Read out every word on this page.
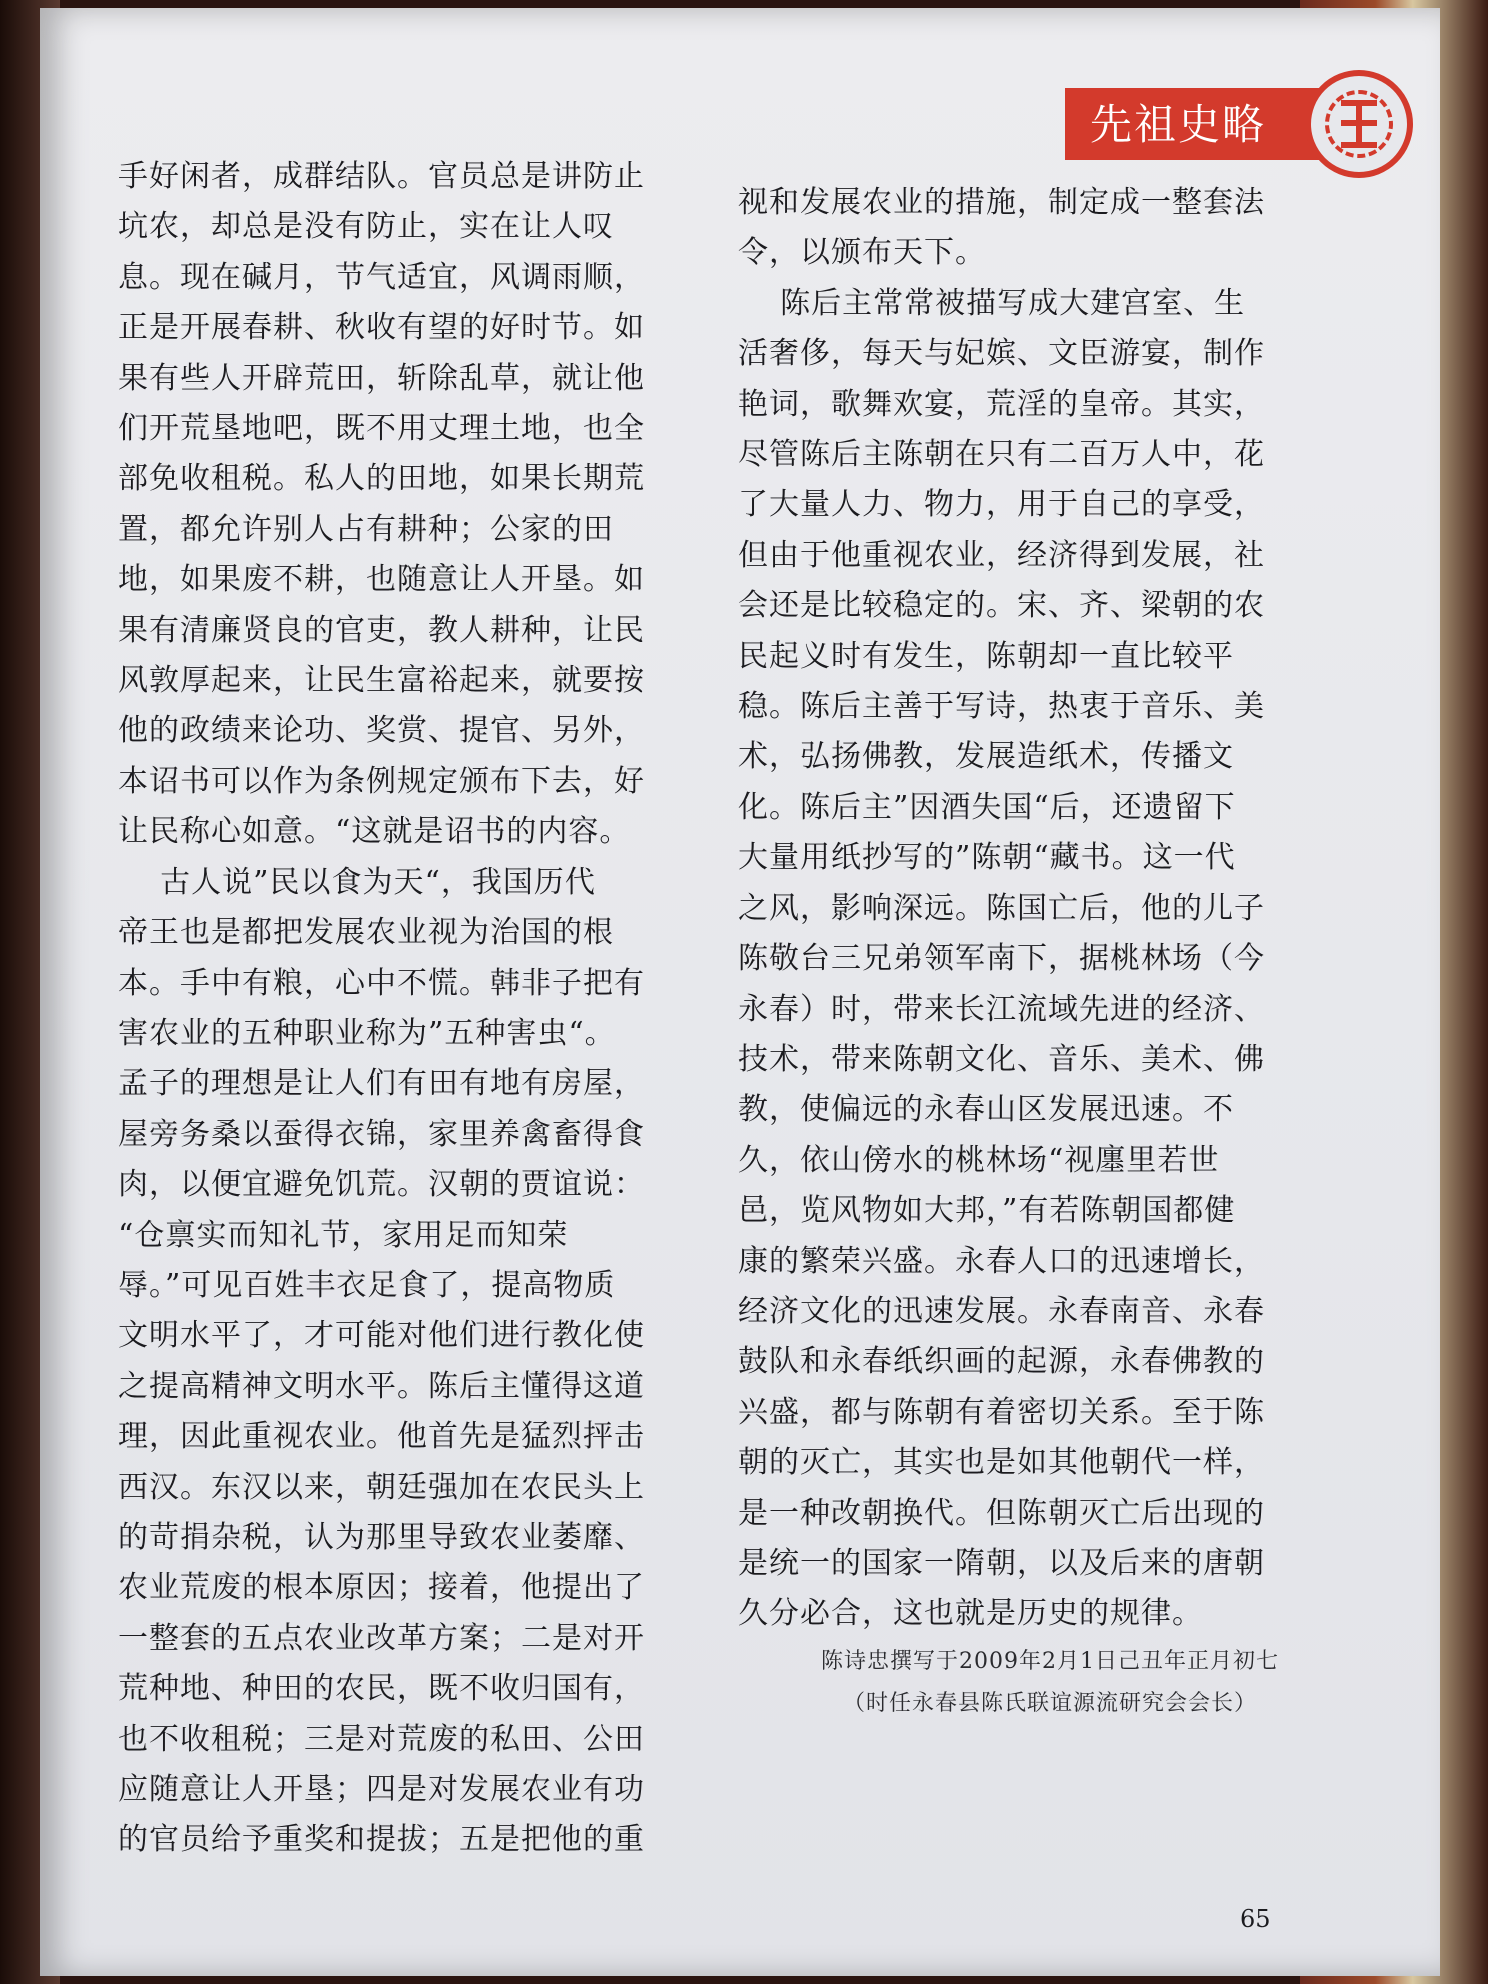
先祖史略

手好闲者，成群结队。官员总是讲防止

坑农，却总是没有防止，实在让人叹

息。现在碱月，节气适宜，风调雨顺，

正是开展春耕、秋收有望的好时节。如

果有些人开辟荒田，斩除乱草，就让他

们开荒垦地吧，既不用丈理土地，也全

部免收租税。私人的田地，如果长期荒

置，都允许别人占有耕种；公家的田

地，如果废不耕，也随意让人开垦。如

果有清廉贤良的官吏，教人耕种，让民

风敦厚起来，让民生富裕起来，就要按

他的政绩来论功、奖赏、提官、另外，

本诏书可以作为条例规定颁布下去，好

让民称心如意。“这就是诏书的内容。

古人说”民以食为天“，我国历代

帝王也是都把发展农业视为治国的根

本。手中有粮，心中不慌。韩非子把有

害农业的五种职业称为”五种害虫“。

孟子的理想是让人们有田有地有房屋，

屋旁务桑以蚕得衣锦，家里养禽畜得食

肉，以便宜避免饥荒。汉朝的贾谊说：

“仓禀实而知礼节，家用足而知荣

辱。”可见百姓丰衣足食了，提高物质

文明水平了，才可能对他们进行教化使

之提高精神文明水平。陈后主懂得这道

理，因此重视农业。他首先是猛烈抨击

西汉。东汉以来，朝廷强加在农民头上

的苛捐杂税，认为那里导致农业萎靡、

农业荒废的根本原因；接着，他提出了

一整套的五点农业改革方案；二是对开

荒种地、种田的农民，既不收归国有，

也不收租税；三是对荒废的私田、公田

应随意让人开垦；四是对发展农业有功

的官员给予重奖和提拔；五是把他的重

视和发展农业的措施，制定成一整套法

令，以颁布天下。

陈后主常常被描写成大建宫室、生

活奢侈，每天与妃嫔、文臣游宴，制作

艳词，歌舞欢宴，荒淫的皇帝。其实，

尽管陈后主陈朝在只有二百万人中，花

了大量人力、物力，用于自己的享受，

但由于他重视农业，经济得到发展，社

会还是比较稳定的。宋、齐、梁朝的农

民起义时有发生，陈朝却一直比较平

稳。陈后主善于写诗，热衷于音乐、美

术，弘扬佛教，发展造纸术，传播文

化。陈后主”因酒失国“后，还遗留下

大量用纸抄写的”陈朝“藏书。这一代

之风，影响深远。陈国亡后，他的儿子

陈敬台三兄弟领军南下，据桃林场（今

永春）时，带来长江流域先进的经济、

技术，带来陈朝文化、音乐、美术、佛

教，使偏远的永春山区发展迅速。不

久，依山傍水的桃林场“视廛里若世

邑，览风物如大邦，”有若陈朝国都健

康的繁荣兴盛。永春人口的迅速增长，

经济文化的迅速发展。永春南音、永春

鼓队和永春纸织画的起源，永春佛教的

兴盛，都与陈朝有着密切关系。至于陈

朝的灭亡，其实也是如其他朝代一样，

是一种改朝换代。但陈朝灭亡后出现的

是统一的国家一隋朝，以及后来的唐朝

久分必合，这也就是历史的规律。

陈诗忠撰写于2009年2月1日己丑年正月初七
（时任永春县陈氏联谊源流研究会会长）
65
